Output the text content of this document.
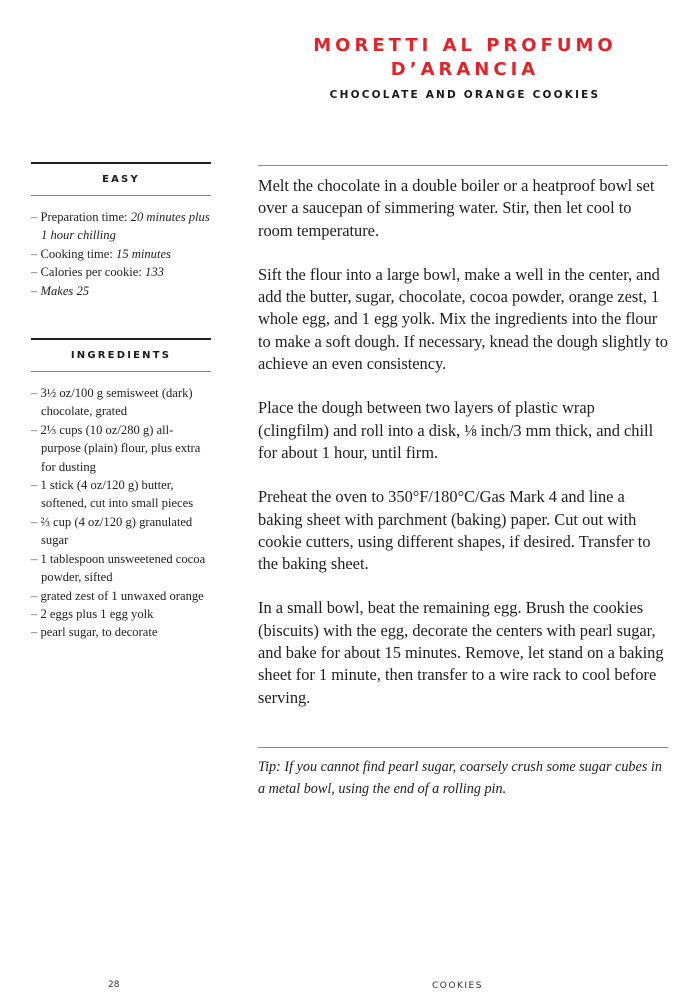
MORETTI AL PROFUMO
D’ARANCIA
CHOCOLATE AND ORANGE COOKIES
EASY
– Preparation time: 20 minutes plus 1 hour chilling
– Cooking time: 15 minutes
– Calories per cookie: 133
– Makes 25
INGREDIENTS
– 3½ oz/100 g semisweet (dark) chocolate, grated
– 2⅓ cups (10 oz/280 g) all-purpose (plain) flour, plus extra for dusting
– 1 stick (4 oz/120 g) butter, softened, cut into small pieces
– ⅔ cup (4 oz/120 g) granulated sugar
– 1 tablespoon unsweetened cocoa powder, sifted
– grated zest of 1 unwaxed orange
– 2 eggs plus 1 egg yolk
– pearl sugar, to decorate

Melt the chocolate in a double boiler or a heatproof bowl set over a saucepan of simmering water. Stir, then let cool to room temperature.

Sift the flour into a large bowl, make a well in the center, and add the butter, sugar, chocolate, cocoa powder, orange zest, 1 whole egg, and 1 egg yolk. Mix the ingredients into the flour to make a soft dough. If necessary, knead the dough slightly to achieve an even consistency.

Place the dough between two layers of plastic wrap (clingfilm) and roll into a disk, ⅛ inch/3 mm thick, and chill for about 1 hour, until firm.

Preheat the oven to 350°F/180°C/Gas Mark 4 and line a baking sheet with parchment (baking) paper. Cut out with cookie cutters, using different shapes, if desired. Transfer to the baking sheet.

In a small bowl, beat the remaining egg. Brush the cookies (biscuits) with the egg, decorate the centers with pearl sugar, and bake for about 15 minutes. Remove, let stand on a baking sheet for 1 minute, then transfer to a wire rack to cool before serving.

Tip: If you cannot find pearl sugar, coarsely crush some sugar cubes in a metal bowl, using the end of a rolling pin.

28	COOKIES
